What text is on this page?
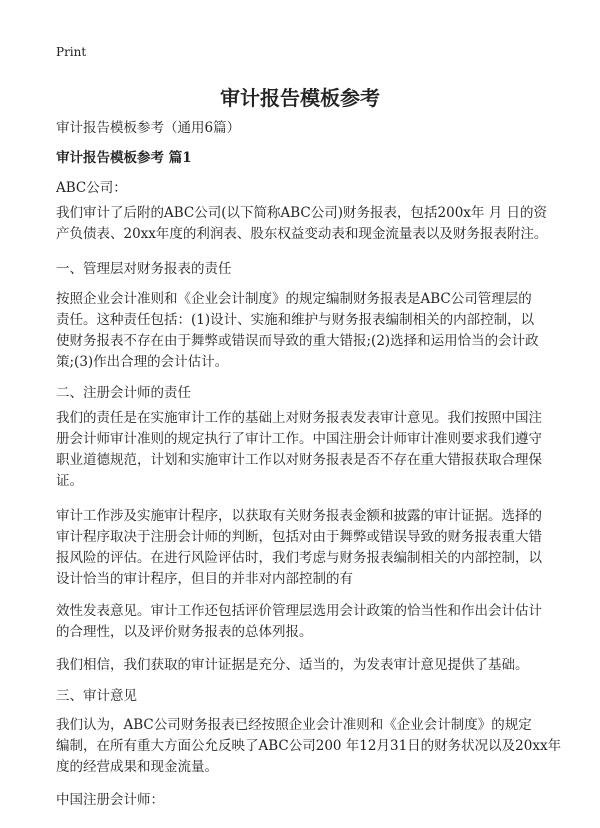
Print
审计报告模板参考
审计报告模板参考（通用6篇）
审计报告模板参考 篇1
ABC公司：
我们审计了后附的ABC公司(以下简称ABC公司)财务报表，包括200x年 月 日的资
产负债表、20xx年度的利润表、股东权益变动表和现金流量表以及财务报表附注。
一、管理层对财务报表的责任
按照企业会计准则和《企业会计制度》的规定编制财务报表是ABC公司管理层的
责任。这种责任包括：(1)设计、实施和维护与财务报表编制相关的内部控制，以
使财务报表不存在由于舞弊或错误而导致的重大错报;(2)选择和运用恰当的会计政
策;(3)作出合理的会计估计。
二、注册会计师的责任
我们的责任是在实施审计工作的基础上对财务报表发表审计意见。我们按照中国注
册会计师审计准则的规定执行了审计工作。中国注册会计师审计准则要求我们遵守
职业道德规范，计划和实施审计工作以对财务报表是否不存在重大错报获取合理保
证。
审计工作涉及实施审计程序，以获取有关财务报表金额和披露的审计证据。选择的
审计程序取决于注册会计师的判断，包括对由于舞弊或错误导致的财务报表重大错
报风险的评估。在进行风险评估时，我们考虑与财务报表编制相关的内部控制，以
设计恰当的审计程序，但目的并非对内部控制的有
效性发表意见。审计工作还包括评价管理层选用会计政策的恰当性和作出会计估计
的合理性，以及评价财务报表的总体列报。
我们相信，我们获取的审计证据是充分、适当的，为发表审计意见提供了基础。
三、审计意见
我们认为，ABC公司财务报表已经按照企业会计准则和《企业会计制度》的规定
编制，在所有重大方面公允反映了ABC公司200 年12月31日的财务状况以及20xx年
度的经营成果和现金流量。
中国注册会计师：
